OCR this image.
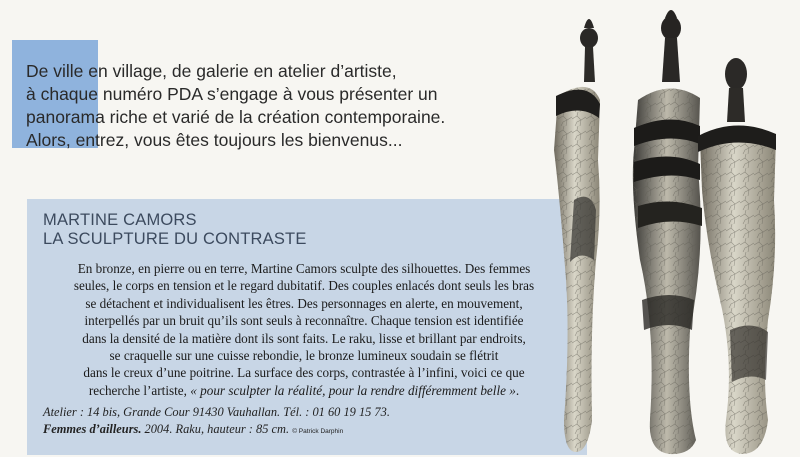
De ville en village, de galerie en atelier d’artiste,
à chaque numéro PDA s’engage à vous présenter un
panorama riche et varié de la création contemporaine.
Alors, entrez, vous êtes toujours les bienvenus...
MARTINE CAMORS
LA SCULPTURE DU CONTRASTE
En bronze, en pierre ou en terre, Martine Camors sculpte des silhouettes. Des femmes
seules, le corps en tension et le regard dubitatif. Des couples enlacés dont seuls les bras
se détachent et individualisent les êtres. Des personnages en alerte, en mouvement,
interpellés par un bruit qu’ils sont seuls à reconnaître. Chaque tension est identifiée
dans la densité de la matière dont ils sont faits. Le raku, lisse et brillant par endroits,
se craquelle sur une cuisse rebondie, le bronze lumineux soudain se flétrit
dans le creux d’une poitrine. La surface des corps, contrastée à l’infini, voici ce que
recherche l’artiste, « pour sculpter la réalité, pour la rendre différemment belle ».
Atelier : 14 bis, Grande Cour 91430 Vauhallan. Tél. : 01 60 19 15 73.
Femmes d’ailleurs. 2004. Raku, hauteur : 85 cm. © Patrick Darphin
